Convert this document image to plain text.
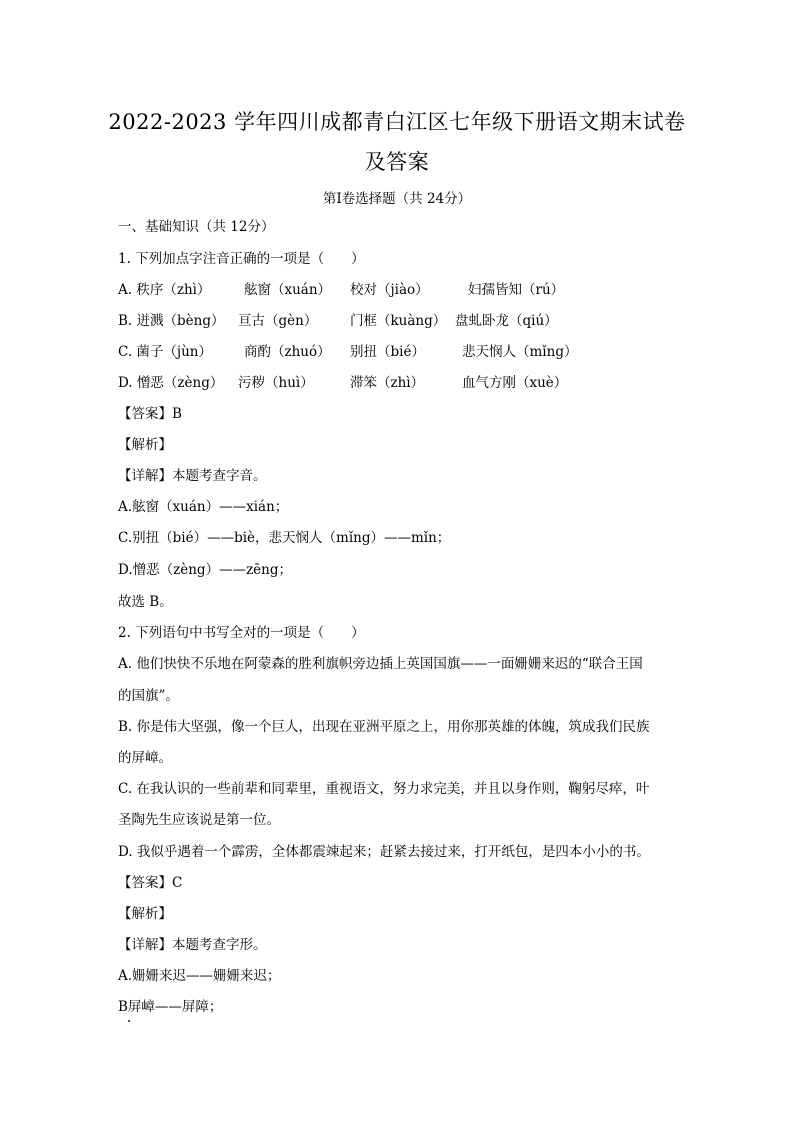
2022-2023 学年四川成都青白江区七年级下册语文期末试卷
及答案
第Ⅰ卷选择题（共 24分）
一、基础知识（共 12分）
1. 下列加点字注音正确的一项是（　　）
A. 秩序（zhì） 舷窗（xuán） 校对（jiào）	妇孺皆知（rú）
B. 迸溅（bèng） 亘古（gèn） 门框（kuàng） 盘虬卧龙（qiú）
C. 菌子（jùn） 商酌（zhuó） 别扭（bié）	悲天悯人（mǐng）
D. 憎恶（zèng） 污秽（huì）	滞笨（zhì）	血气方刚（xuè）
【答案】B
【解析】
【详解】本题考查字音。
A.舷窗（xuán）——xián；
C.别扭（bié）——biè，悲天悯人（mǐng）——mǐn；
D.憎恶（zèng）——zēng；
故选 B。
2. 下列语句中书写全对的一项是（　　）
A. 他们快快不乐地在阿蒙森的胜利旗帜旁边插上英国国旗——一面姗姗来迟的“联合王国
的国旗”。
B. 你是伟大坚强，像一个巨人，出现在亚洲平原之上，用你那英雄的体魄，筑成我们民族
的屏嶂。
C. 在我认识的一些前辈和同辈里，重视语文，努力求完美，并且以身作则，鞠躬尽瘁，叶
圣陶先生应该说是第一位。
D. 我似乎遇着一个霹雳，全体都震竦起来；赶紧去接过来，打开纸包，是四本小小的书。
【答案】C
【解析】
【详解】本题考查字形。
A.姗姗来迟——姗姗来迟；
B屏嶂——屏障；
